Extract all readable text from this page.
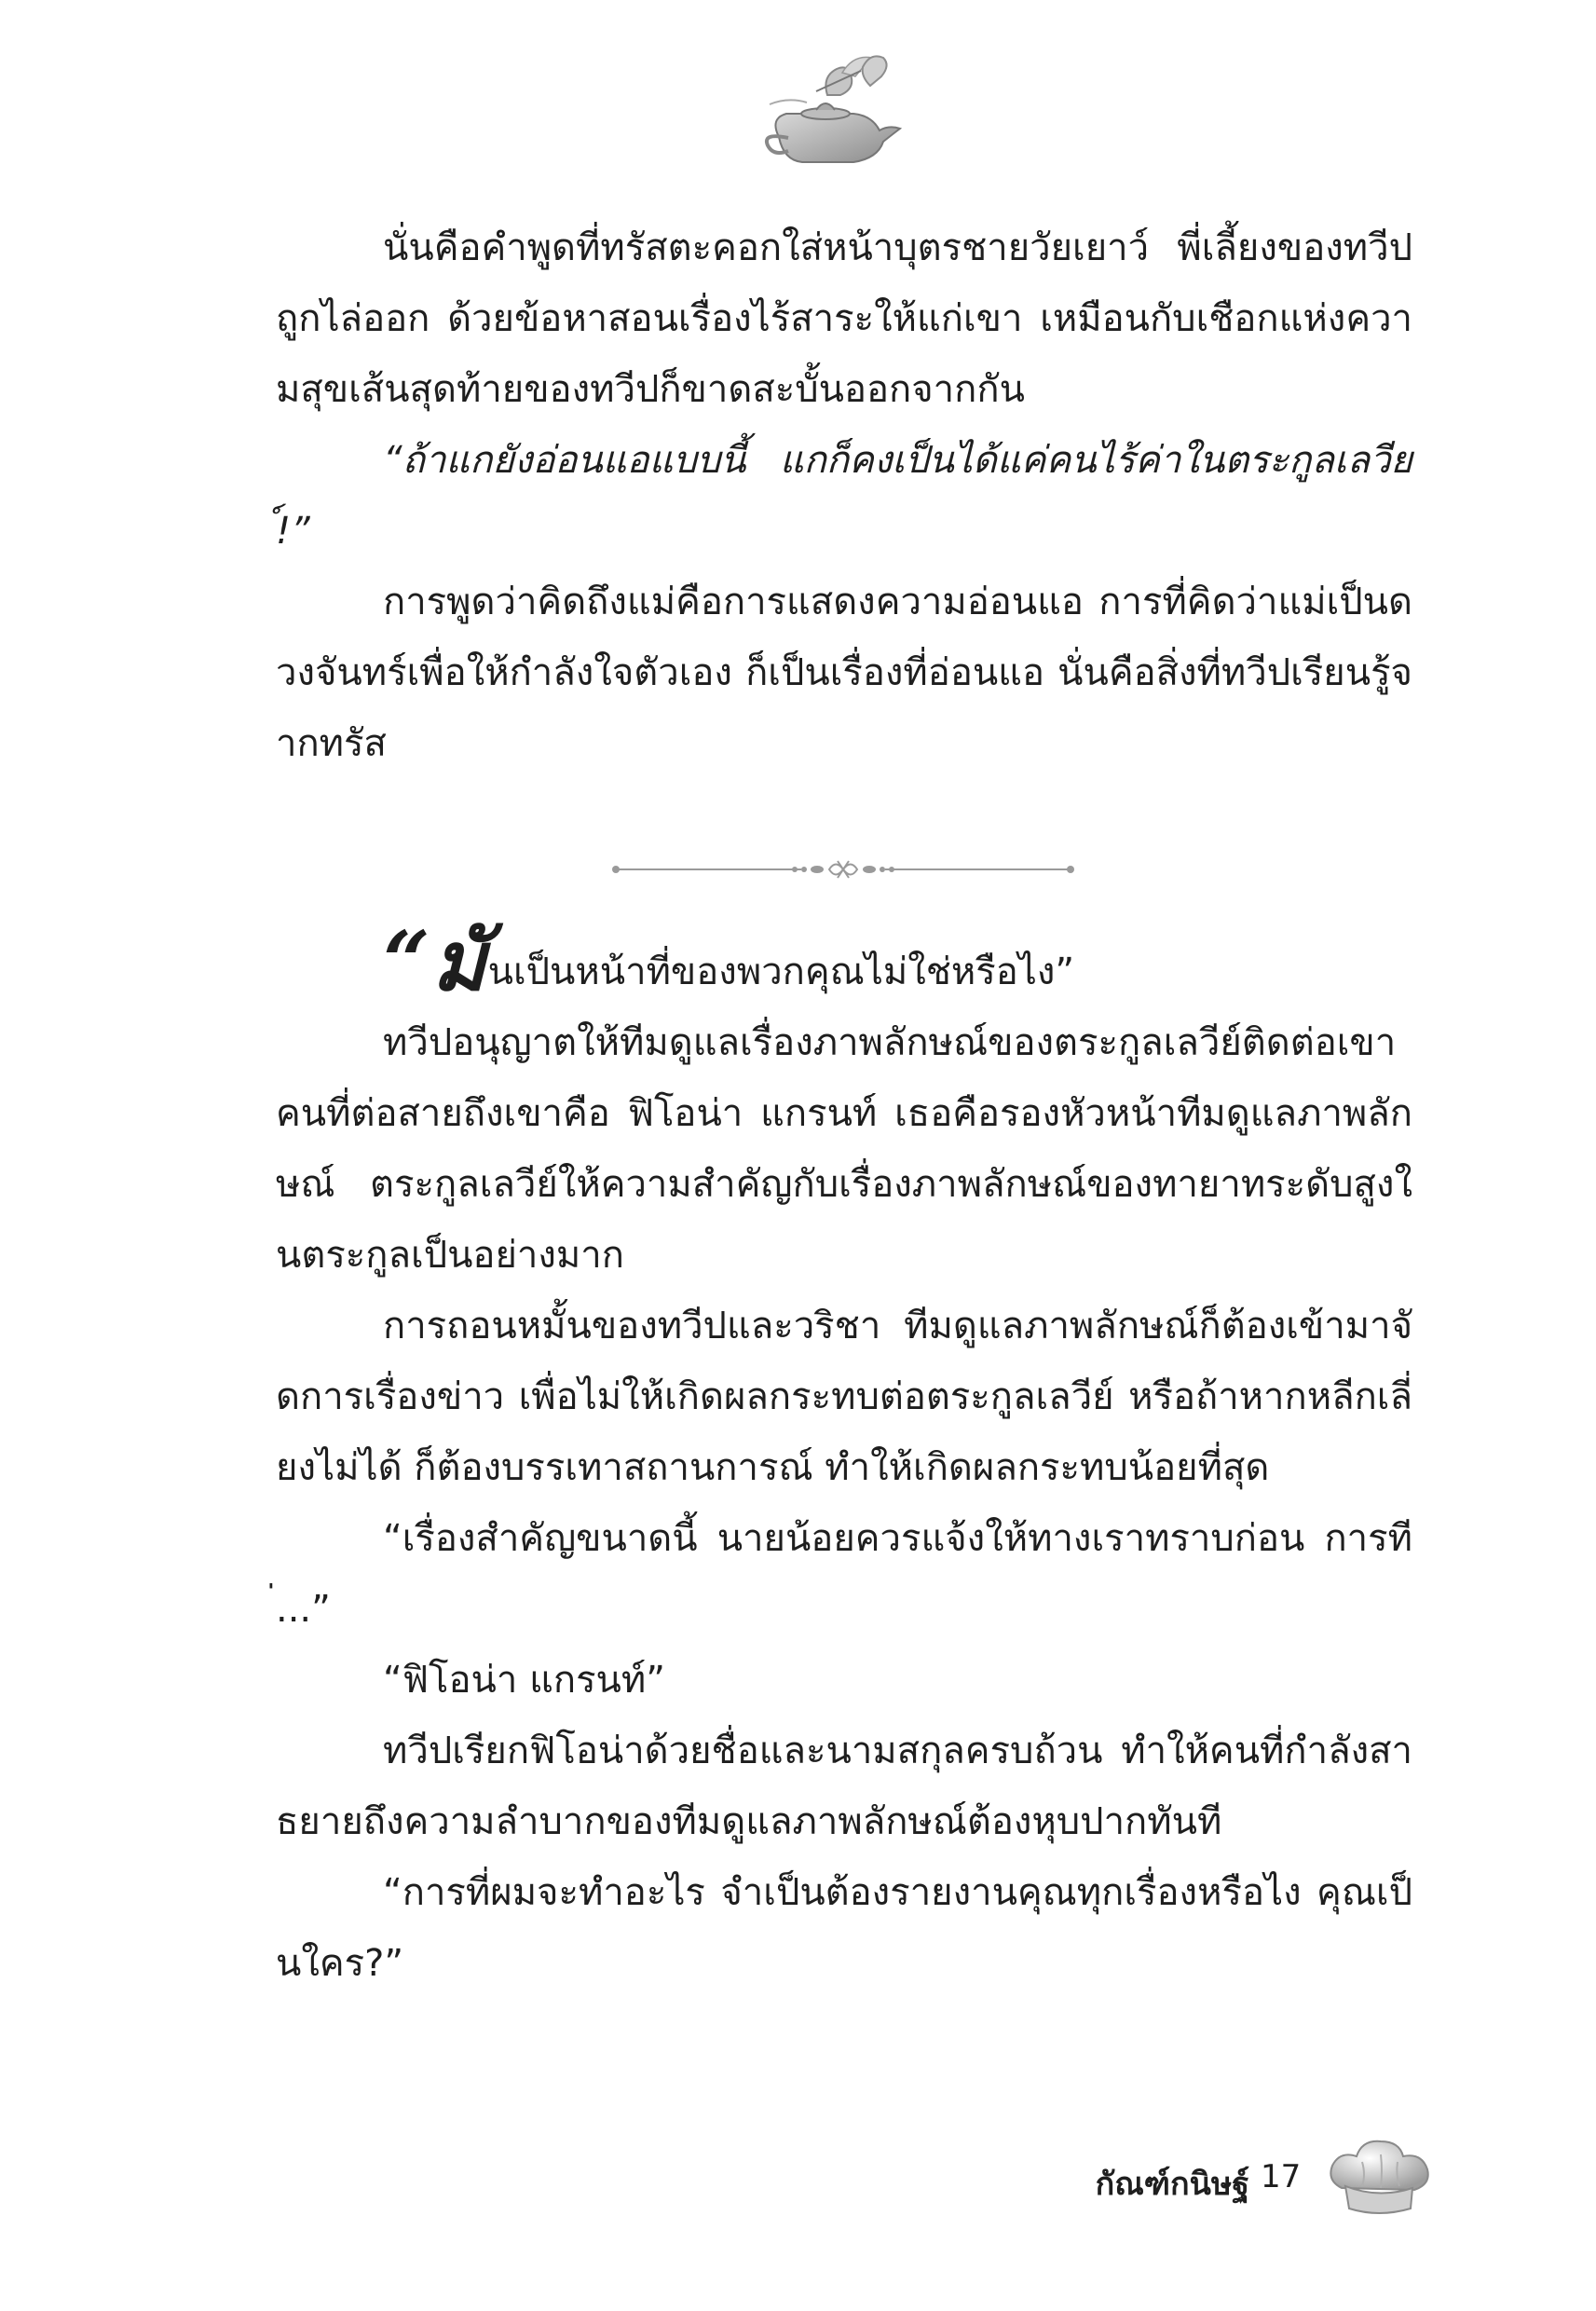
นั่นคือคำพูดที่ทรัสตะคอกใส่หน้าบุตรชายวัยเยาว์ พี่เลี้ยงของทวีปถูกไล่ออก ด้วยข้อหาสอนเรื่องไร้สาระให้แก่เขา เหมือนกับเชือกแห่งความสุขเส้นสุดท้ายของทวีปก็ขาดสะบั้นออกจากกัน

“ถ้าแกยังอ่อนแอแบบนี้ แกก็คงเป็นได้แค่คนไร้ค่าในตระกูลเลวีย์!”

การพูดว่าคิดถึงแม่คือการแสดงความอ่อนแอ การที่คิดว่าแม่เป็นดวงจันทร์เพื่อให้กำลังใจตัวเอง ก็เป็นเรื่องที่อ่อนแอ นั่นคือสิ่งที่ทวีปเรียนรู้จากทรัส

“มันเป็นหน้าที่ของพวกคุณไม่ใช่หรือไง”

ทวีปอนุญาตให้ทีมดูแลเรื่องภาพลักษณ์ของตระกูลเลวีย์ติดต่อเขา คนที่ต่อสายถึงเขาคือ ฟิโอน่า แกรนท์ เธอคือรองหัวหน้าทีมดูแลภาพลักษณ์ ตระกูลเลวีย์ให้ความสำคัญกับเรื่องภาพลักษณ์ของทายาทระดับสูงในตระกูลเป็นอย่างมาก

การถอนหมั้นของทวีปและวริชา ทีมดูแลภาพลักษณ์ก็ต้องเข้ามาจัดการเรื่องข่าว เพื่อไม่ให้เกิดผลกระทบต่อตระกูลเลวีย์ หรือถ้าหากหลีกเลี่ยงไม่ได้ ก็ต้องบรรเทาสถานการณ์ ทำให้เกิดผลกระทบน้อยที่สุด

“เรื่องสำคัญขนาดนี้ นายน้อยควรแจ้งให้ทางเราทราบก่อน การที่...”

“ฟิโอน่า แกรนท์”

ทวีปเรียกฟิโอน่าด้วยชื่อและนามสกุลครบถ้วน ทำให้คนที่กำลังสาธยายถึงความลำบากของทีมดูแลภาพลักษณ์ต้องหุบปากทันที

“การที่ผมจะทำอะไร จำเป็นต้องรายงานคุณทุกเรื่องหรือไง คุณเป็นใคร?”

กัณฑ์กนิษฐ์ 17
